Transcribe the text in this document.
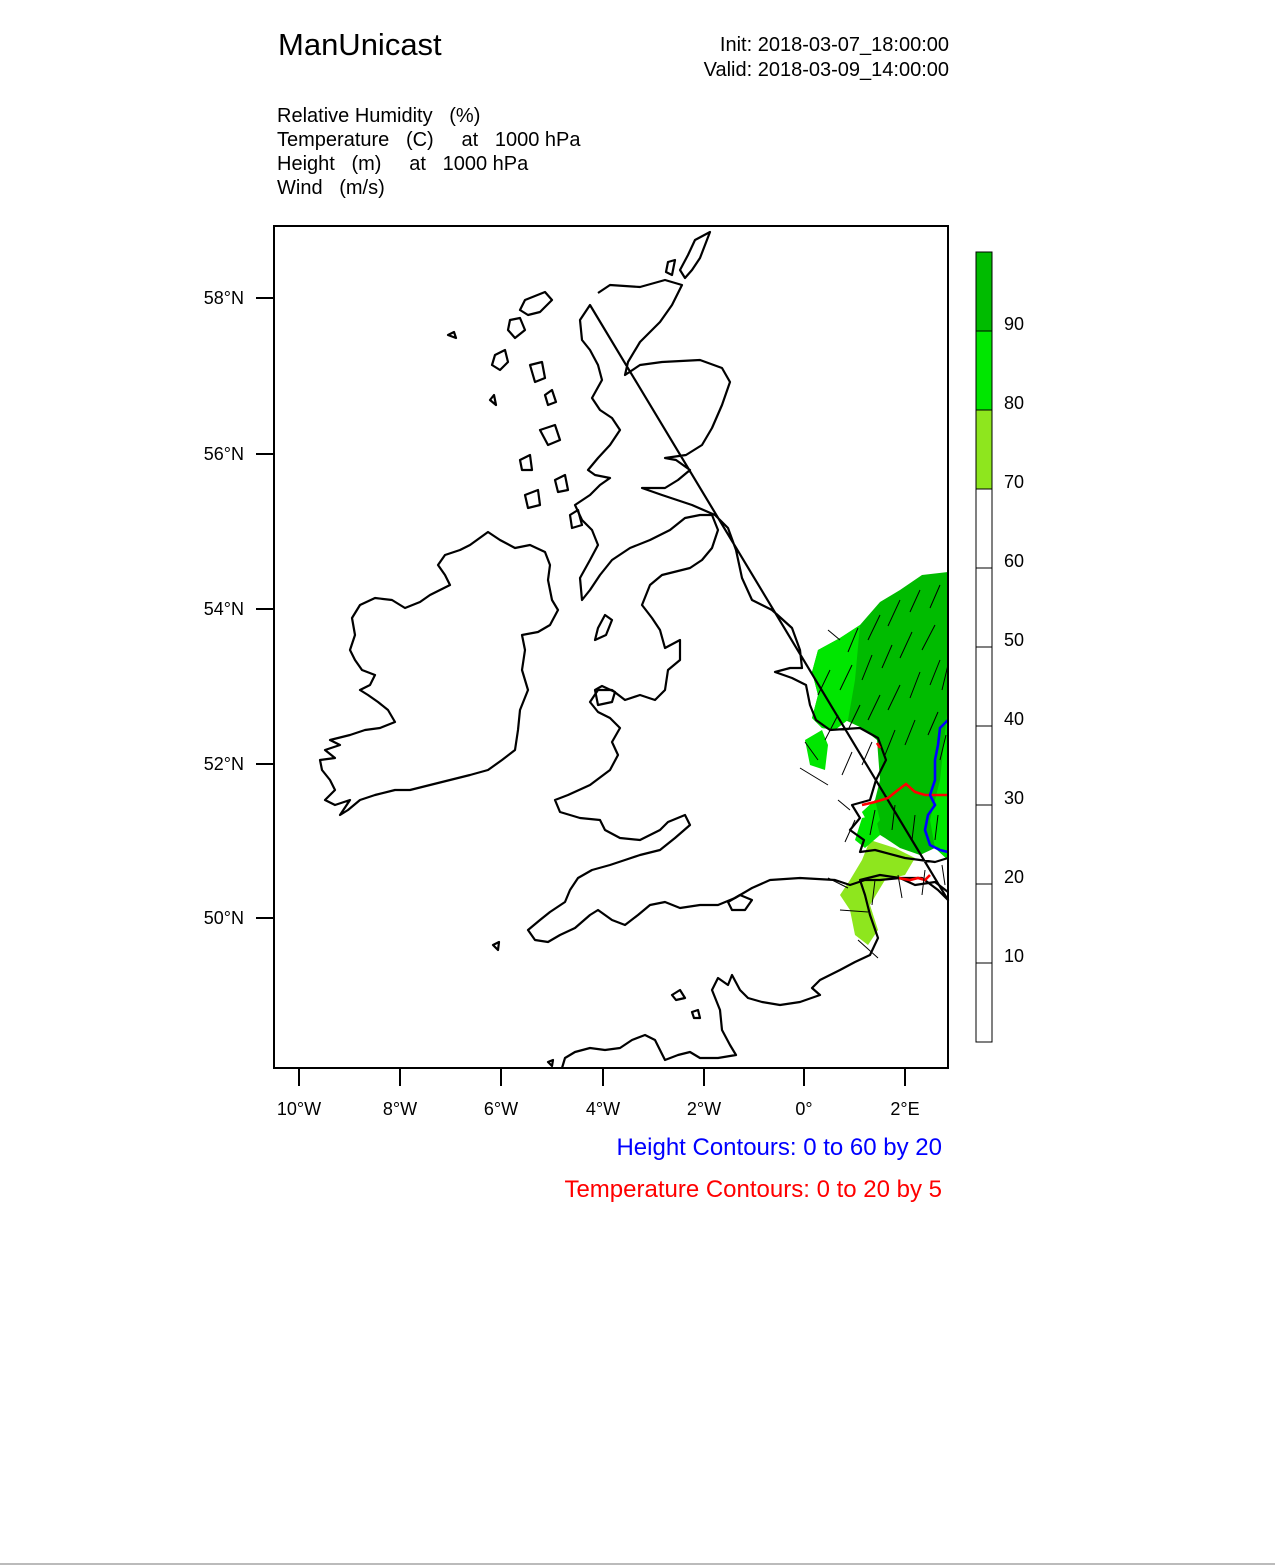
ManUnicast	Init: 2018-03-07_18:00:00
Valid: 2018-03-09_14:00:00
Relative Humidity   (%)
Temperature   (C)     at   1000 hPa
Height   (m)     at   1000 hPa
Wind   (m/s)
58°N
56°N
54°N
52°N
50°N
10°W	8°W	6°W	4°W	2°W	0°	2°E
90
80
70
60
50
40
30
20
10
Height Contours: 0 to 60 by 20
Temperature Contours: 0 to 20 by 5
